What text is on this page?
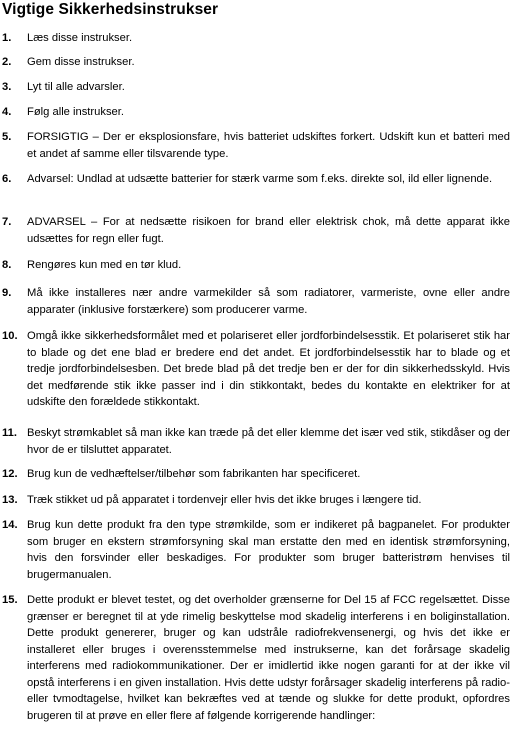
Vigtige Sikkerhedsinstrukser
1.	Læs disse instrukser.
2.	Gem disse instrukser.
3.	Lyt til alle advarsler.
4.	Følg alle instrukser.
5.	FORSIGTIG – Der er eksplosionsfare, hvis batteriet udskiftes forkert. Udskift kun et batteri med et andet af samme eller tilsvarende type.
6.	Advarsel: Undlad at udsætte batterier for stærk varme som f.eks. direkte sol, ild eller lignende.
7.	ADVARSEL – For at nedsætte risikoen for brand eller elektrisk chok, må dette apparat ikke udsættes for regn eller fugt.
8.	Rengøres kun med en tør klud.
9.	Må ikke installeres nær andre varmekilder så som radiatorer, varmeriste, ovne eller andre apparater (inklusive forstærkere) som producerer varme.
10. Omgå ikke sikkerhedsformålet med et polariseret eller jordforbindelsesstik. Et polariseret stik har to blade og det ene blad er bredere end det andet. Et jordforbindelsesstik har to blade og et tredje jordforbindelsesben. Det brede blad på det tredje ben er der for din sikkerhedsskyld. Hvis det medførende stik ikke passer ind i din stikkontakt, bedes du kontakte en elektriker for at udskifte den forældede stikkontakt.
11. Beskyt strømkablet så man ikke kan træde på det eller klemme det især ved stik, stikdåser og der hvor de er tilsluttet apparatet.
12. Brug kun de vedhæftelser/tilbehør som fabrikanten har specificeret.
13. Træk stikket ud på apparatet i tordenvejr eller hvis det ikke bruges i længere tid.
14. Brug kun dette produkt fra den type strømkilde, som er indikeret på bagpanelet. For produkter som bruger en ekstern strømforsyning skal man erstatte den med en identisk strømforsyning, hvis den forsvinder eller beskadiges. For produkter som bruger batteristrøm henvises til brugermanualen.
15. Dette produkt er blevet testet, og det overholder grænserne for Del 15 af FCC regelsættet. Disse grænser er beregnet til at yde rimelig beskyttelse mod skadelig interferens i en boliginstallation. Dette produkt genererer, bruger og kan udstråle radiofrekvensenergi, og hvis det ikke er installeret eller bruges i overensstemmelse med instrukserne, kan det forårsage skadelig interferens med radiokommunikationer. Der er imidlertid ikke nogen garanti for at der ikke vil opstå interferens i en given installation. Hvis dette udstyr forårsager skadelig interferens på radio- eller tvmodtagelse, hvilket kan bekræftes ved at tænde og slukke for dette produkt, opfordres brugeren til at prøve en eller flere af følgende korrigerende handlinger:
